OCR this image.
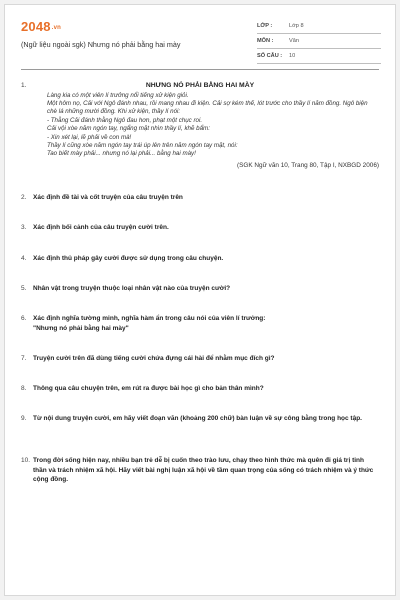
2048.vn
(Ngữ liệu ngoài sgk) Nhưng nó phải bằng hai mày
LỚP :	Lớp 8
MÔN :	Văn
SỐ CÂU :	10
1.	NHƯNG NÓ PHẢI BẰNG HAI MÀY

Làng kia có một viên lí trưởng nổi tiếng xử kiện giỏi.

Một hôm nọ, Cải với Ngô đánh nhau, rồi mang nhau đi kiện. Cải sợ kém thế, lót trước cho thầy lí năm đồng. Ngô biện chè lá những mười đồng. Khi xử kiện, thầy lí nói:

- Thằng Cải đánh thằng Ngô đau hơn, phạt một chục roi.

Cải vội xòe năm ngón tay, ngẩng mặt nhìn thầy lí, khẽ bẩm:

- Xin xét lại, lẽ phải về con mà!

Thầy lí cũng xòe năm ngón tay trái úp lên trên năm ngón tay mặt, nói:

Tao biết mày phải... nhưng nó lại phải... bằng hai mày!

(SGK Ngữ văn 10, Trang 80, Tập I, NXBGD 2006)
2. Xác định đề tài và cốt truyện của câu truyện trên
3. Xác định bối cảnh của câu truyện cười trên.
4. Xác định thủ pháp gây cười được sử dụng trong câu chuyện.
5. Nhân vật trong truyện thuộc loại nhân vật nào của truyện cười?
6. Xác định nghĩa tường minh, nghĩa hàm ẩn trong câu nói của viên lí trưởng:
"Nhưng nó phải bằng hai mày"
7. Truyện cười trên đã dùng tiếng cười chứa đựng cái hài để nhằm mục đích gì?
8. Thông qua câu chuyện trên, em rút ra được bài học gì cho bản thân mình?
9. Từ nội dung truyện cười, em hãy viết đoạn văn (khoảng 200 chữ) bàn luận về sự công bằng trong học tập.
10. Trong đời sống hiện nay, nhiều bạn trẻ dễ bị cuốn theo trào lưu, chạy theo hình thức mà quên đi giá trị tinh thần và trách nhiệm xã hội. Hãy viết bài nghị luận xã hội về tầm quan trọng của sống có trách nhiệm và ý thức cộng đồng.
